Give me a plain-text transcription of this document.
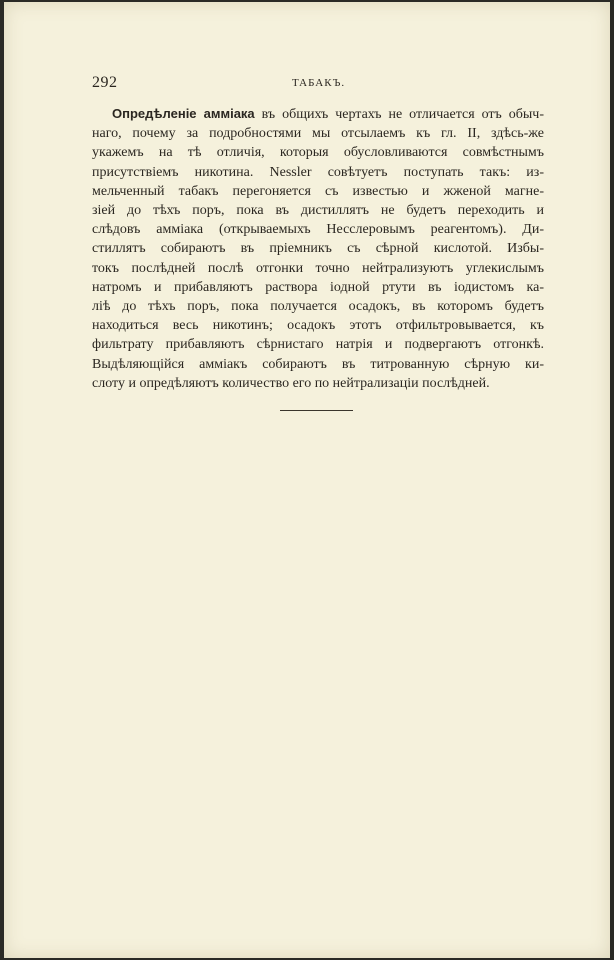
292	ТАБАКЪ.
Опредѣленіе амміака въ общихъ чертахъ не отличается отъ обыч-
наго, почему за подробностями мы отсылаемъ къ гл. II, здѣсь-же
укажемъ на тѣ отличія, которыя обусловливаются совмѣстнымъ
присутствіемъ никотина. Nessler совѣтуетъ поступать такъ: из-
мельченный табакъ перегоняется съ известью и жженой магне-
зіей до тѣхъ поръ, пока въ дистиллятъ не будетъ переходить и
слѣдовъ амміака (открываемыхъ Несслеровымъ реагентомъ). Ди-
стиллятъ собираютъ въ пріемникъ съ сѣрной кислотой. Избы-
токъ послѣдней послѣ отгонки точно нейтрализуютъ углекислымъ
натромъ и прибавляютъ раствора іодной ртути въ іодистомъ ка-
ліѣ до тѣхъ поръ, пока получается осадокъ, въ которомъ будетъ
находиться весь никотинъ; осадокъ этотъ отфильтровывается, къ
фильтрату прибавляютъ сѣрнистаго натрія и подвергаютъ отгонкѣ.
Выдѣляющійся амміакъ собираютъ въ титрованную сѣрную ки-
слоту и опредѣляютъ количество его по нейтрализаціи послѣдней.
